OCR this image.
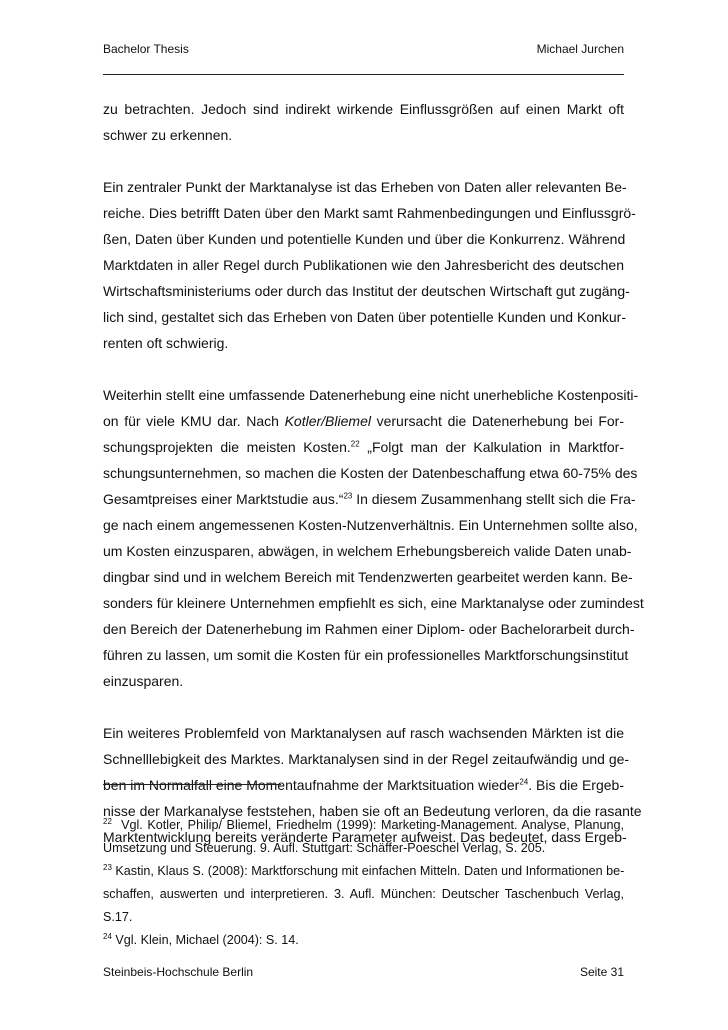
Bachelor Thesis	Michael Jurchen
zu betrachten. Jedoch sind indirekt wirkende Einflussgrößen auf einen Markt oft
schwer zu erkennen.
Ein zentraler Punkt der Marktanalyse ist das Erheben von Daten aller relevanten Be-
reiche. Dies betrifft Daten über den Markt samt Rahmenbedingungen und Einflussgrö-
ßen, Daten über Kunden und potentielle Kunden und über die Konkurrenz. Während
Marktdaten in aller Regel durch Publikationen wie den Jahresbericht des deutschen
Wirtschaftsministeriums oder durch das Institut der deutschen Wirtschaft gut zugäng-
lich sind, gestaltet sich das Erheben von Daten über potentielle Kunden und Konkur-
renten oft schwierig.
Weiterhin stellt eine umfassende Datenerhebung eine nicht unerhebliche Kostenpositi-
on für viele KMU dar. Nach Kotler/Bliemel verursacht die Datenerhebung bei For-
schungsprojekten die meisten Kosten.$^{22}$ „Folgt man der Kalkulation in Marktfor-
schungsunternehmen, so machen die Kosten der Datenbeschaffung etwa 60-75% des
Gesamtpreises einer Marktstudie aus.“$^{23}$ In diesem Zusammenhang stellt sich die Fra-
ge nach einem angemessenen Kosten-Nutzenverhältnis. Ein Unternehmen sollte also,
um Kosten einzusparen, abwägen, in welchem Erhebungsbereich valide Daten unab-
dingbar sind und in welchem Bereich mit Tendenzwerten gearbeitet werden kann. Be-
sonders für kleinere Unternehmen empfiehlt es sich, eine Marktanalyse oder zumindest
den Bereich der Datenerhebung im Rahmen einer Diplom- oder Bachelorarbeit durch-
führen zu lassen, um somit die Kosten für ein professionelles Marktforschungsinstitut
einzusparen.
Ein weiteres Problemfeld von Marktanalysen auf rasch wachsenden Märkten ist die
Schnelllebigkeit des Marktes. Marktanalysen sind in der Regel zeitaufwändig und ge-
ben im Normalfall eine Momentaufnahme der Marktsituation wieder$^{24}$. Bis die Ergeb-
nisse der Markanalyse feststehen, haben sie oft an Bedeutung verloren, da die rasante
Marktentwicklung bereits veränderte Parameter aufweist. Das bedeutet, dass Ergeb-
$^{22}$ Vgl. Kotler, Philip/ Bliemel, Friedhelm (1999): Marketing-Management. Analyse, Planung,
Umsetzung und Steuerung. 9. Aufl. Stuttgart: Schäffer-Poeschel Verlag, S. 205.
$^{23}$ Kastin, Klaus S. (2008): Marktforschung mit einfachen Mitteln. Daten und Informationen be-
schaffen, auswerten und interpretieren. 3. Aufl. München: Deutscher Taschenbuch Verlag,
S.17.
$^{24}$ Vgl. Klein, Michael (2004): S. 14.
Steinbeis-Hochschule Berlin	Seite 31
